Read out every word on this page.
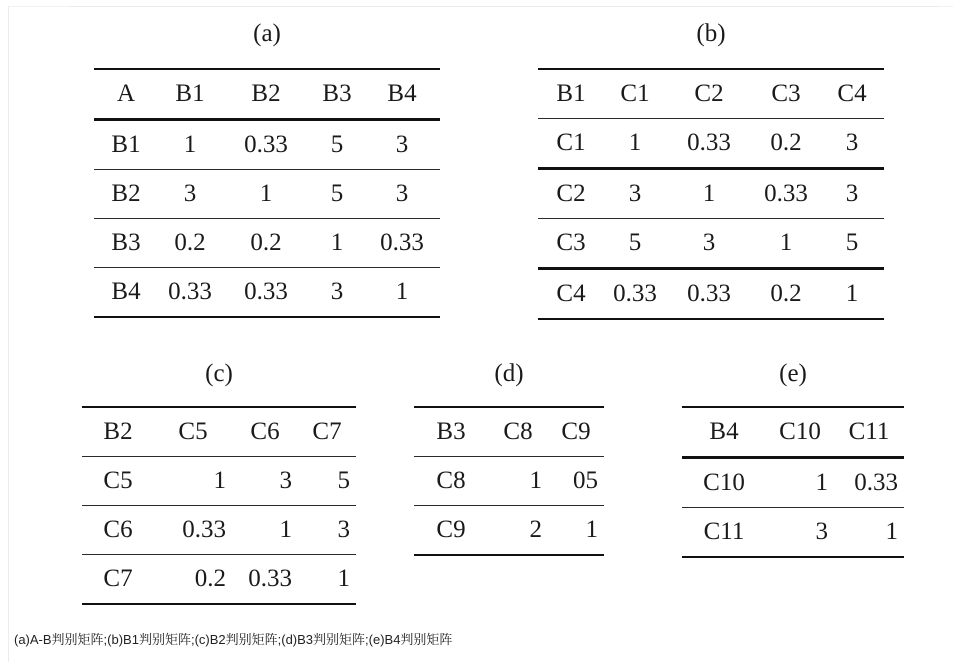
(a)
A	B1	B2	B3	B4
B1	1	0.33	5	3
B2	3	1	5	3
B3	0.2	0.2	1	0.33
B4	0.33	0.33	3	1
(b)
B1	C1	C2	C3	C4
C1	1	0.33	0.2	3
C2	3	1	0.33	3
C3	5	3	1	5
C4	0.33	0.33	0.2	1
(c)
B2	C5	C6	C7
C5	1	3	5
C6	0.33	1	3
C7	0.2	0.33	1
(d)
B3	C8	C9
C8	1	05
C9	2	1
(e)
B4	C10	C11
C10	1	0.33
C11	3	1
(a)A-B判别矩阵;(b)B1判别矩阵;(c)B2判别矩阵;(d)B3判别矩阵;(e)B4判别矩阵
